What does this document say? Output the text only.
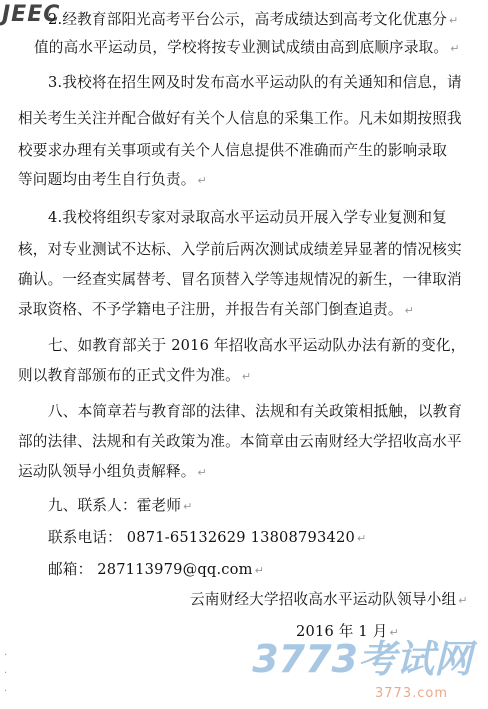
JEEC
2.经教育部阳光高考平台公示，高考成绩达到高考文化优惠分 ↵
值的高水平运动员，学校将按专业测试成绩由高到底顺序录取。 ↵
3.我校将在招生网及时发布高水平运动队的有关通知和信息，请
相关考生关注并配合做好有关个人信息的采集工作。凡未如期按照我
校要求办理有关事项或有关个人信息提供不准确而产生的影响录取
等问题均由考生自行负责。 ↵
4.我校将组织专家对录取高水平运动员开展入学专业复测和复
核，对专业测试不达标、入学前后两次测试成绩差异显著的情况核实
确认。一经查实属替考、冒名顶替入学等违规情况的新生，一律取消
录取资格、不予学籍电子注册，并报告有关部门倒查追责。 ↵
七、如教育部关于 2016 年招收高水平运动队办法有新的变化，
则以教育部颁布的正式文件为准。 ↵
八、本简章若与教育部的法律、法规和有关政策相抵触，以教育
部的法律、法规和有关政策为准。本简章由云南财经大学招收高水平
运动队领导小组负责解释。 ↵
九、联系人：霍老师 ↵
联系电话： 0871-65132629 13808793420 ↵
邮箱： 287113979@qq.com ↵
云南财经大学招收高水平运动队领导小组 ↵
2016 年 1 月 ↵
·
·
·
3773考试网
3773.com
